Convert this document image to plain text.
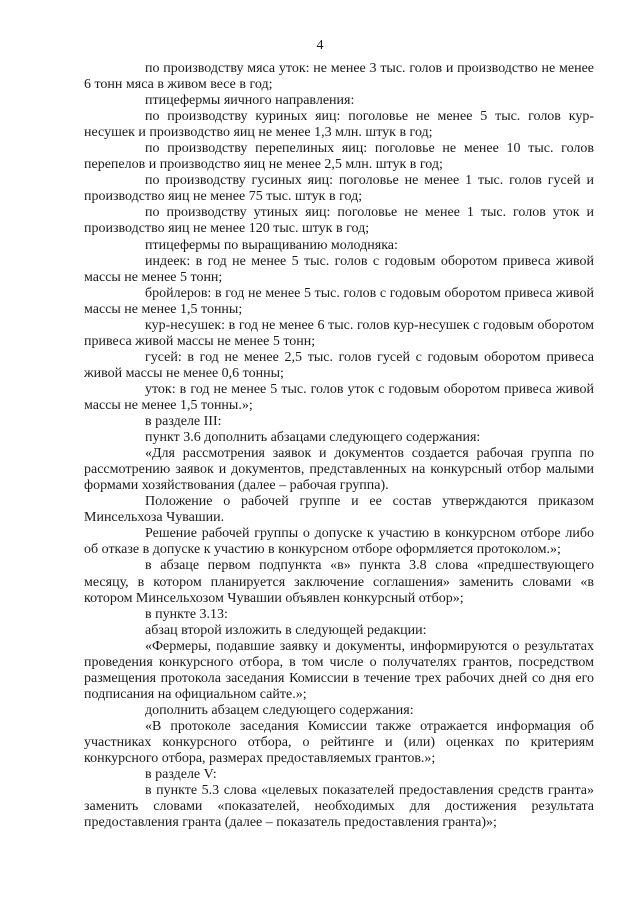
4

по производству мяса уток: не менее 3 тыс. голов и производство не менее 6 тонн мяса в живом весе в год;

птицефермы яичного направления:

по производству куриных яиц: поголовье не менее 5 тыс. голов кур-несушек и производство яиц не менее 1,3 млн. штук в год;

по производству перепелиных яиц: поголовье не менее 10 тыс. голов перепелов и производство яиц не менее 2,5 млн. штук в год;

по производству гусиных яиц: поголовье не менее 1 тыс. голов гусей и производство яиц не менее 75 тыс. штук в год;

по производству утиных яиц: поголовье не менее 1 тыс. голов уток и производство яиц не менее 120 тыс. штук в год;

птицефермы по выращиванию молодняка:

индеек: в год не менее 5 тыс. голов с годовым оборотом привеса живой массы не менее 5 тонн;

бройлеров: в год не менее 5 тыс. голов с годовым оборотом привеса живой массы не менее 1,5 тонны;

кур-несушек: в год не менее 6 тыс. голов кур-несушек с годовым оборотом привеса живой массы не менее 5 тонн;

гусей: в год не менее 2,5 тыс. голов гусей с годовым оборотом привеса живой массы не менее 0,6 тонны;

уток: в год не менее 5 тыс. голов уток с годовым оборотом привеса живой массы не менее 1,5 тонны.»;

в разделе III:

пункт 3.6 дополнить абзацами следующего содержания:

«Для рассмотрения заявок и документов создается рабочая группа по рассмотрению заявок и документов, представленных на конкурсный отбор малыми формами хозяйствования (далее – рабочая группа).

Положение о рабочей группе и ее состав утверждаются приказом Минсельхоза Чувашии.

Решение рабочей группы о допуске к участию в конкурсном отборе либо об отказе в допуске к участию в конкурсном отборе оформляется протоколом.»;

в абзаце первом подпункта «в» пункта 3.8 слова «предшествующего месяцу, в котором планируется заключение соглашения» заменить словами «в котором Минсельхозом Чувашии объявлен конкурсный отбор»;

в пункте 3.13:

абзац второй изложить в следующей редакции:

«Фермеры, подавшие заявку и документы, информируются о результатах проведения конкурсного отбора, в том числе о получателях грантов, посредством размещения протокола заседания Комиссии в течение трех рабочих дней со дня его подписания на официальном сайте.»;

дополнить абзацем следующего содержания:

«В протоколе заседания Комиссии также отражается информация об участниках конкурсного отбора, о рейтинге и (или) оценках по критериям конкурсного отбора, размерах предоставляемых грантов.»;

в разделе V:

в пункте 5.3 слова «целевых показателей предоставления средств гранта» заменить словами «показателей, необходимых для достижения результата предоставления гранта (далее – показатель предоставления гранта)»;
